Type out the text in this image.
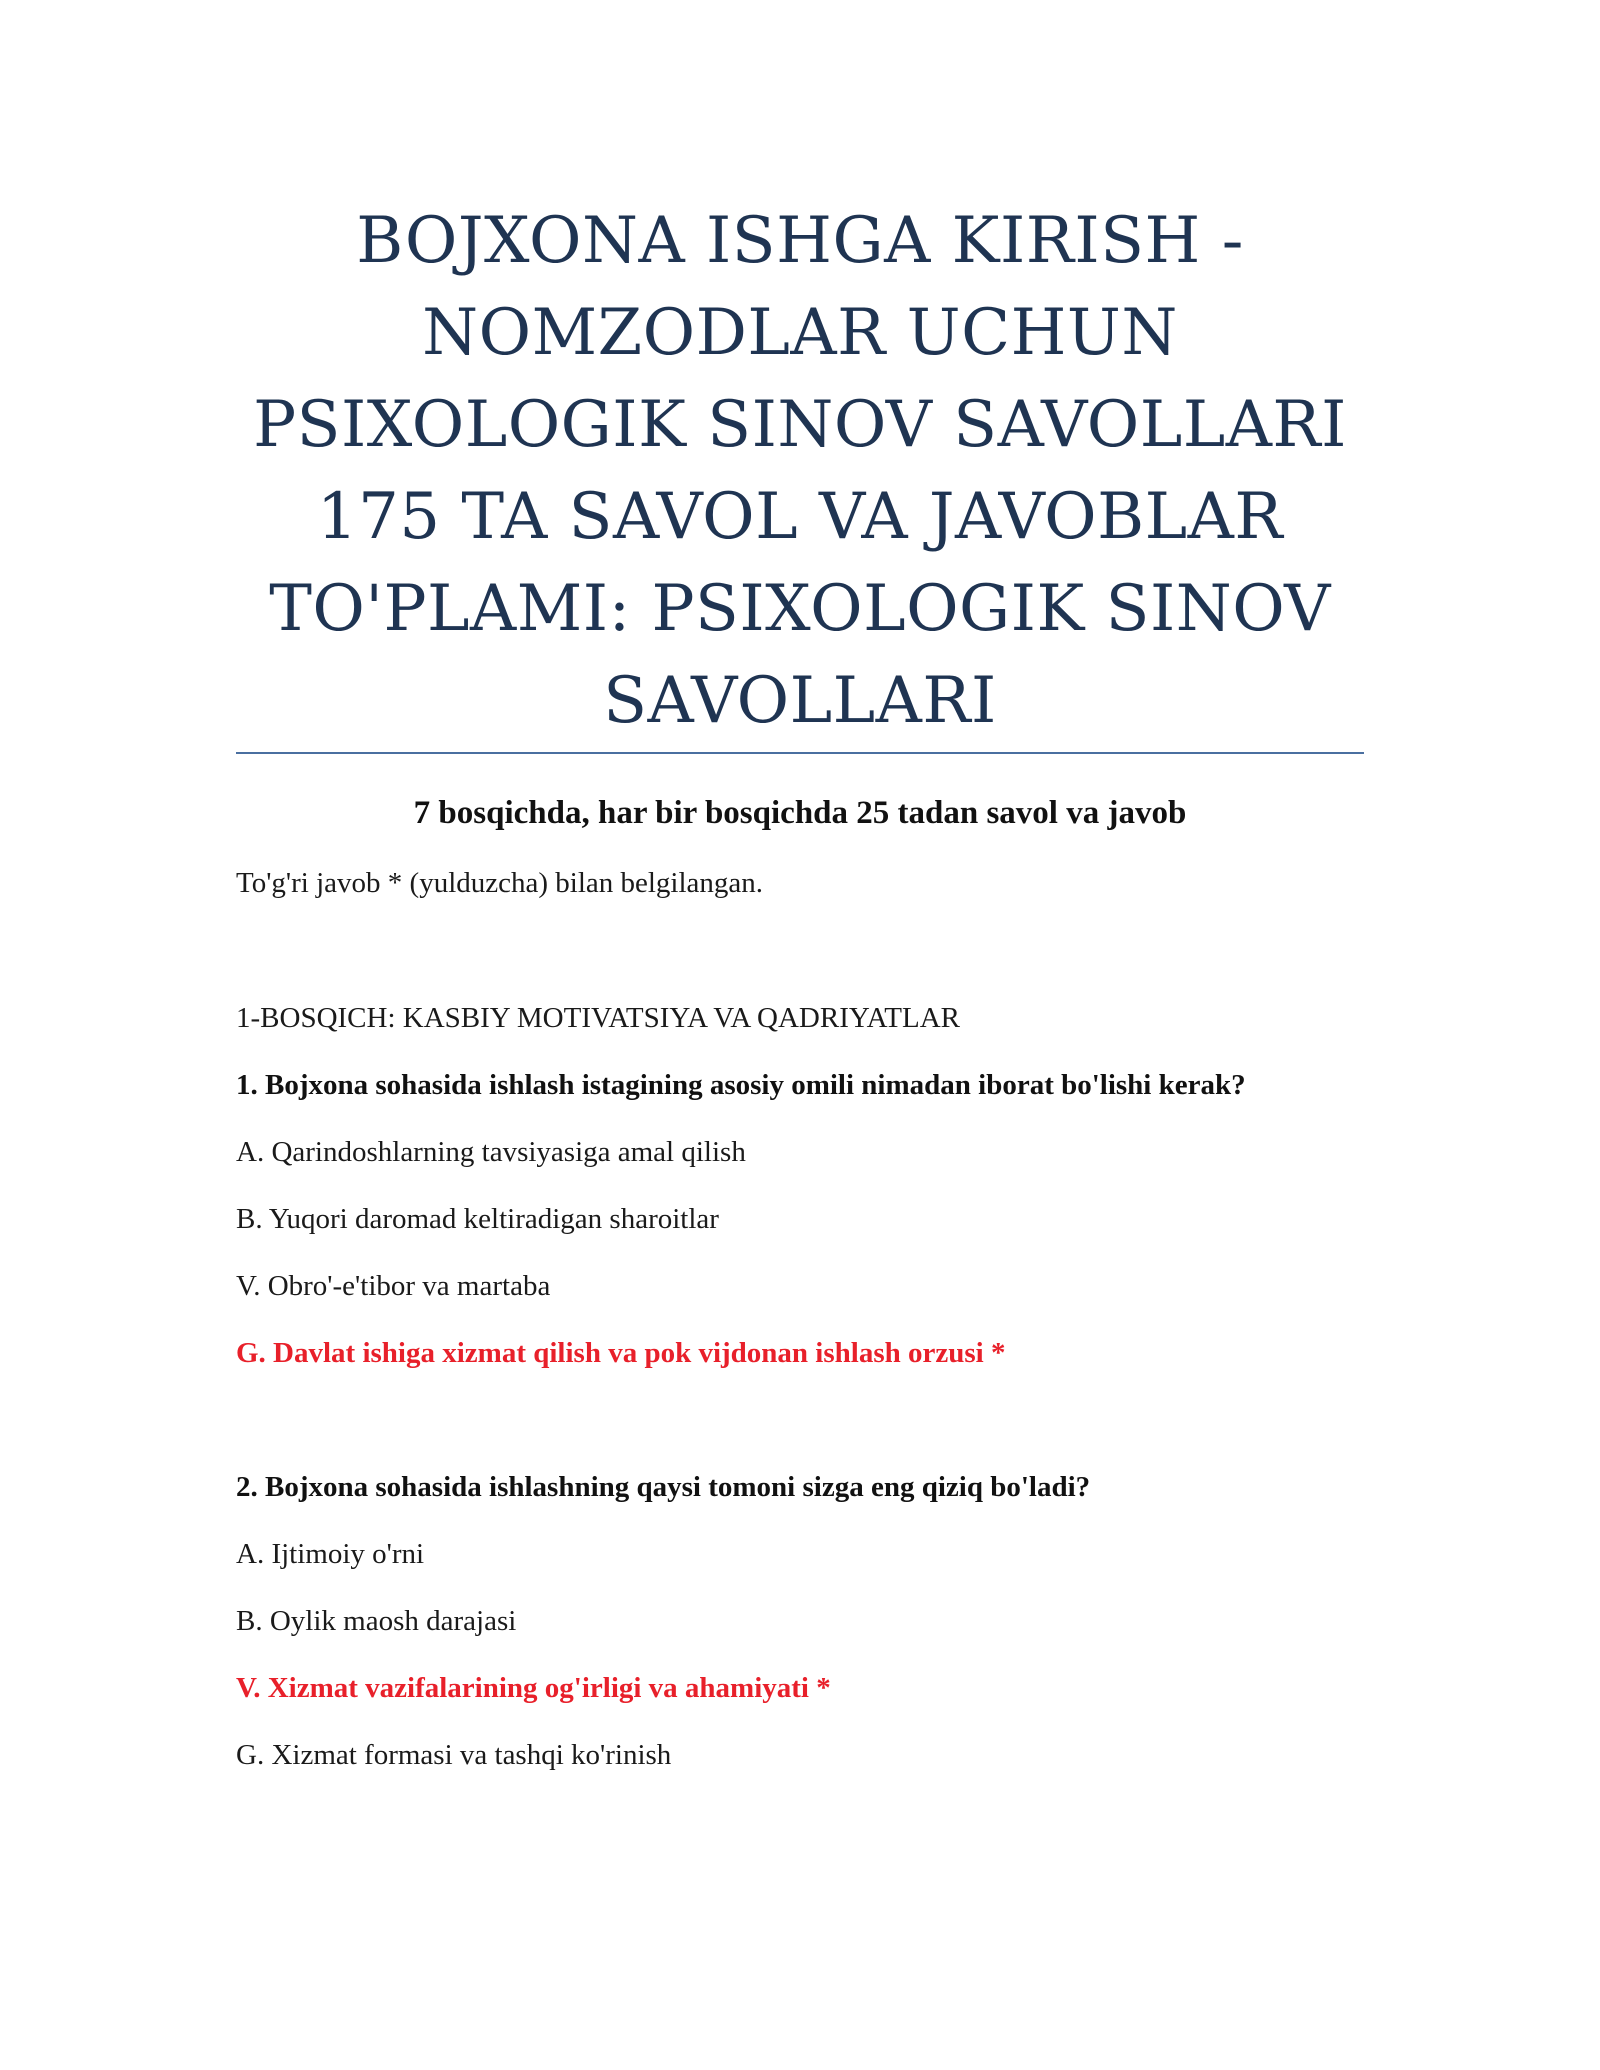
BOJXONA ISHGA KIRISH -
NOMZODLAR UCHUN
PSIXOLOGIK SINOV SAVOLLARI
175 TA SAVOL VA JAVOBLAR
TO'PLAMI: PSIXOLOGIK SINOV
SAVOLLARI
7 bosqichda, har bir bosqichda 25 tadan savol va javob
To'g'ri javob * (yulduzcha) bilan belgilangan.
1-BOSQICH: KASBIY MOTIVATSIYA VA QADRIYATLAR
1. Bojxona sohasida ishlash istagining asosiy omili nimadan iborat bo'lishi kerak?
A. Qarindoshlarning tavsiyasiga amal qilish
B. Yuqori daromad keltiradigan sharoitlar
V. Obro'-e'tibor va martaba
G. Davlat ishiga xizmat qilish va pok vijdonan ishlash orzusi *
2. Bojxona sohasida ishlashning qaysi tomoni sizga eng qiziq bo'ladi?
A. Ijtimoiy o'rni
B. Oylik maosh darajasi
V. Xizmat vazifalarining og'irligi va ahamiyati *
G. Xizmat formasi va tashqi ko'rinish
